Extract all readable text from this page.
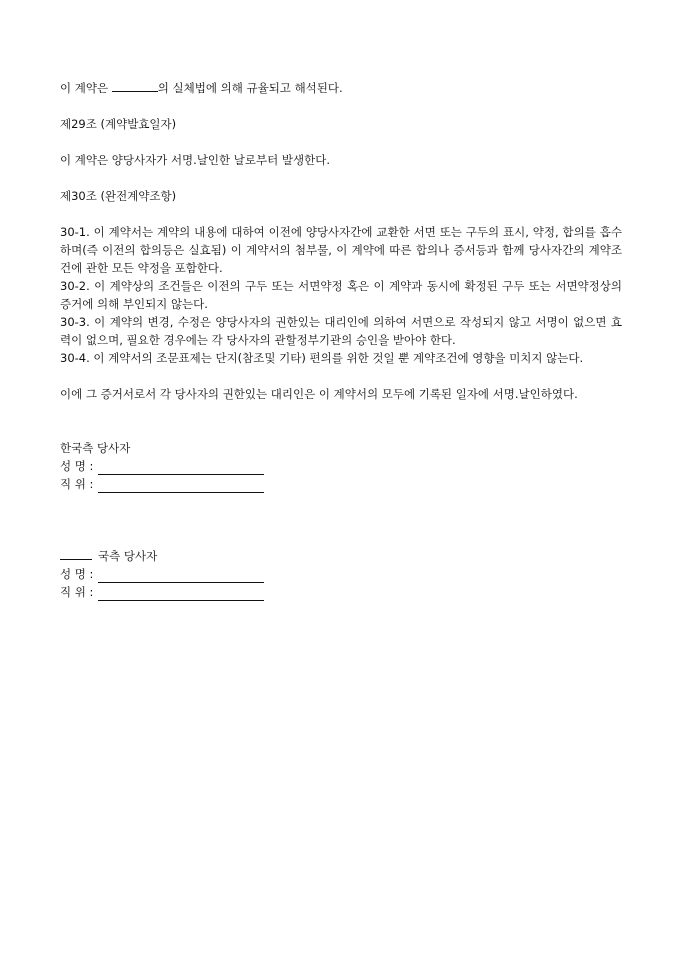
이 계약은	의 실체법에 의해 규율되고 해석된다.

제29조 (계약발효일자)

이 계약은 양당사자가 서명.날인한 날로부터 발생한다.

제30조 (완전계약조항)

30-1. 이 계약서는 계약의 내용에 대하여 이전에 양당사자간에 교환한 서면 또는 구두의 표시, 약정, 합의를 흡수하며(즉 이전의 합의등은 실효됨) 이 계약서의 첨부물, 이 계약에 따른 합의나 증서등과 함께 당사자간의 계약조건에 관한 모든 약정을 포함한다.

30-2. 이 계약상의 조건들은 이전의 구두 또는 서면약정 혹은 이 계약과 동시에 확정된 구두 또는 서면약정상의 증거에 의해 부인되지 않는다.

30-3. 이 계약의 변경, 수정은 양당사자의 권한있는 대리인에 의하여 서면으로 작성되지 않고 서명이 없으면 효력이 없으며, 필요한 경우에는 각 당사자의 관할정부기관의 승인을 받아야 한다.

30-4. 이 계약서의 조문표제는 단지(참조및 기타) 편의를 위한 것일 뿐 계약조건에 영향을 미치지 않는다.

이에 그 증거서로서 각 당사자의 권한있는 대리인은 이 계약서의 모두에 기록된 일자에 서명.날인하였다.

한국측 당사자

성 명 :
직 위 :

국측 당사자

성 명 :
직 위 :
